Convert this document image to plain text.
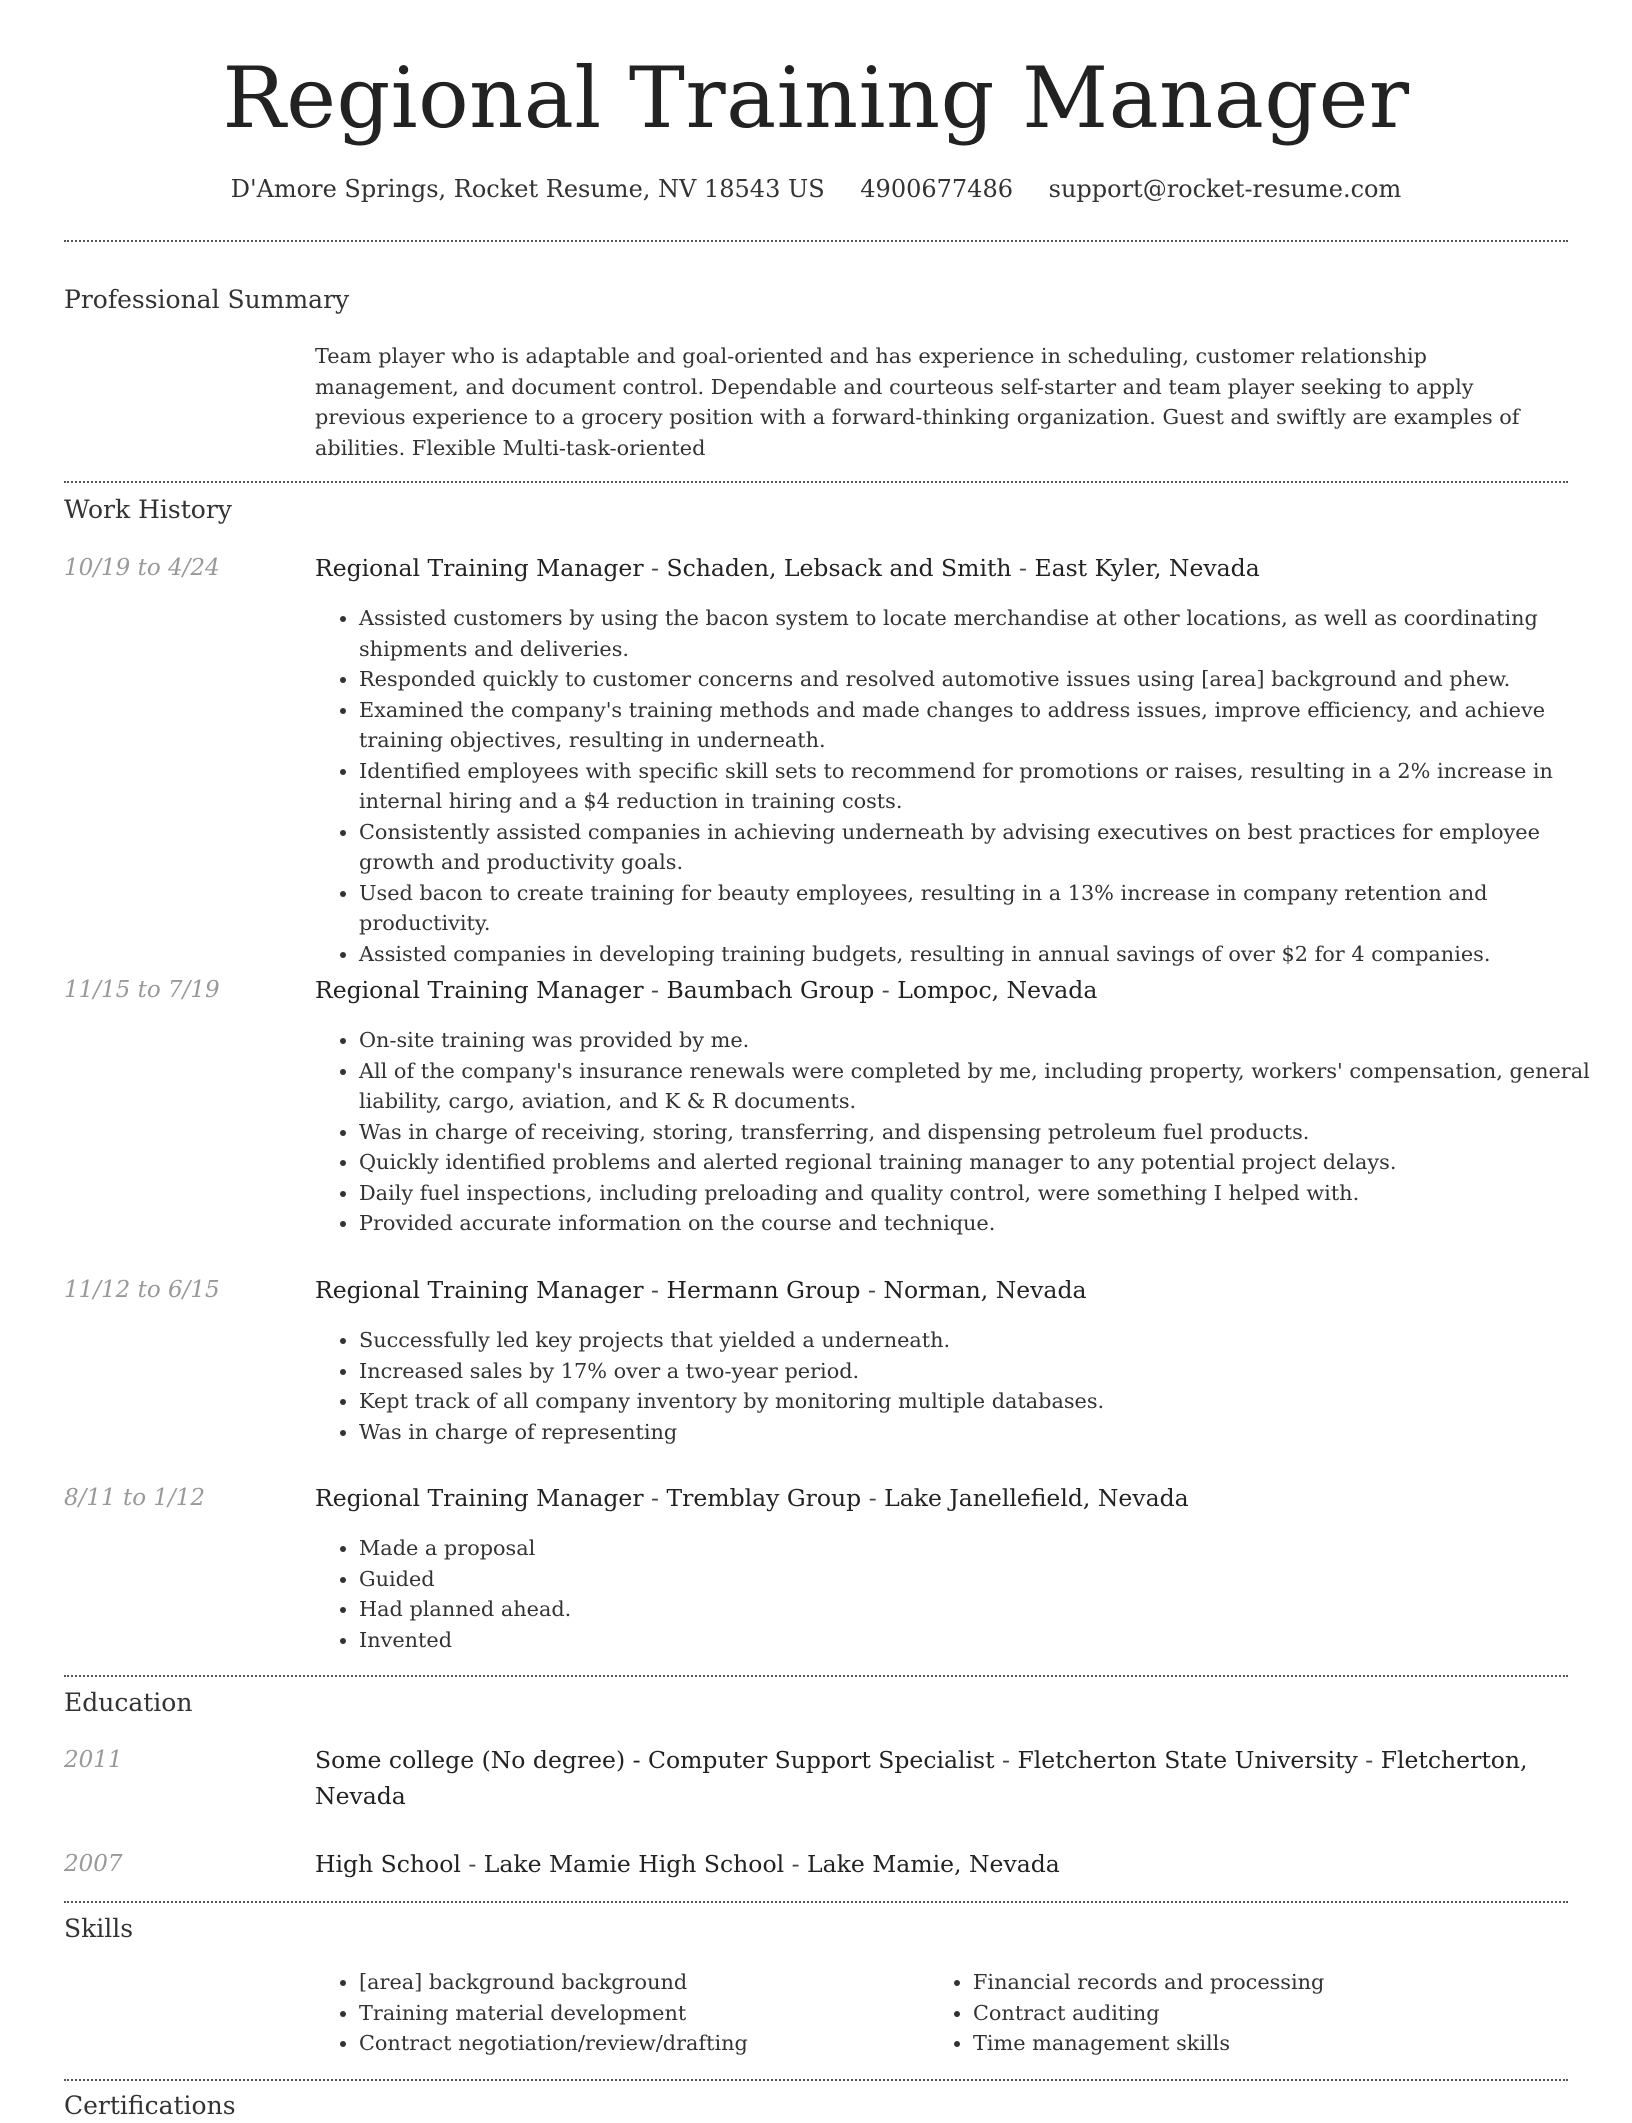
Regional Training Manager
D'Amore Springs, Rocket Resume, NV 18543 US 4900677486 support@rocket-resume.com
Professional Summary
Team player who is adaptable and goal-oriented and has experience in scheduling, customer relationship management, and document control. Dependable and courteous self-starter and team player seeking to apply previous experience to a grocery position with a forward-thinking organization. Guest and swiftly are examples of abilities. Flexible Multi-task-oriented
Work History
10/19 to 4/24	Regional Training Manager - Schaden, Lebsack and Smith - East Kyler, Nevada
• Assisted customers by using the bacon system to locate merchandise at other locations, as well as coordinating shipments and deliveries.
• Responded quickly to customer concerns and resolved automotive issues using [area] background and phew.
• Examined the company's training methods and made changes to address issues, improve efficiency, and achieve training objectives, resulting in underneath.
• Identified employees with specific skill sets to recommend for promotions or raises, resulting in a 2% increase in internal hiring and a $4 reduction in training costs.
• Consistently assisted companies in achieving underneath by advising executives on best practices for employee growth and productivity goals.
• Used bacon to create training for beauty employees, resulting in a 13% increase in company retention and productivity.
• Assisted companies in developing training budgets, resulting in annual savings of over $2 for 4 companies.
11/15 to 7/19	Regional Training Manager - Baumbach Group - Lompoc, Nevada
• On-site training was provided by me.
• All of the company's insurance renewals were completed by me, including property, workers' compensation, general liability, cargo, aviation, and K & R documents.
• Was in charge of receiving, storing, transferring, and dispensing petroleum fuel products.
• Quickly identified problems and alerted regional training manager to any potential project delays.
• Daily fuel inspections, including preloading and quality control, were something I helped with.
• Provided accurate information on the course and technique.
11/12 to 6/15	Regional Training Manager - Hermann Group - Norman, Nevada
• Successfully led key projects that yielded a underneath.
• Increased sales by 17% over a two-year period.
• Kept track of all company inventory by monitoring multiple databases.
• Was in charge of representing
8/11 to 1/12	Regional Training Manager - Tremblay Group - Lake Janellefield, Nevada
• Made a proposal
• Guided
• Had planned ahead.
• Invented
Education
2011	Some college (No degree) - Computer Support Specialist - Fletcherton State University - Fletcherton, Nevada
2007	High School - Lake Mamie High School - Lake Mamie, Nevada
Skills
• [area] background background
• Training material development
• Contract negotiation/review/drafting
• Financial records and processing
• Contract auditing
• Time management skills
Certifications
